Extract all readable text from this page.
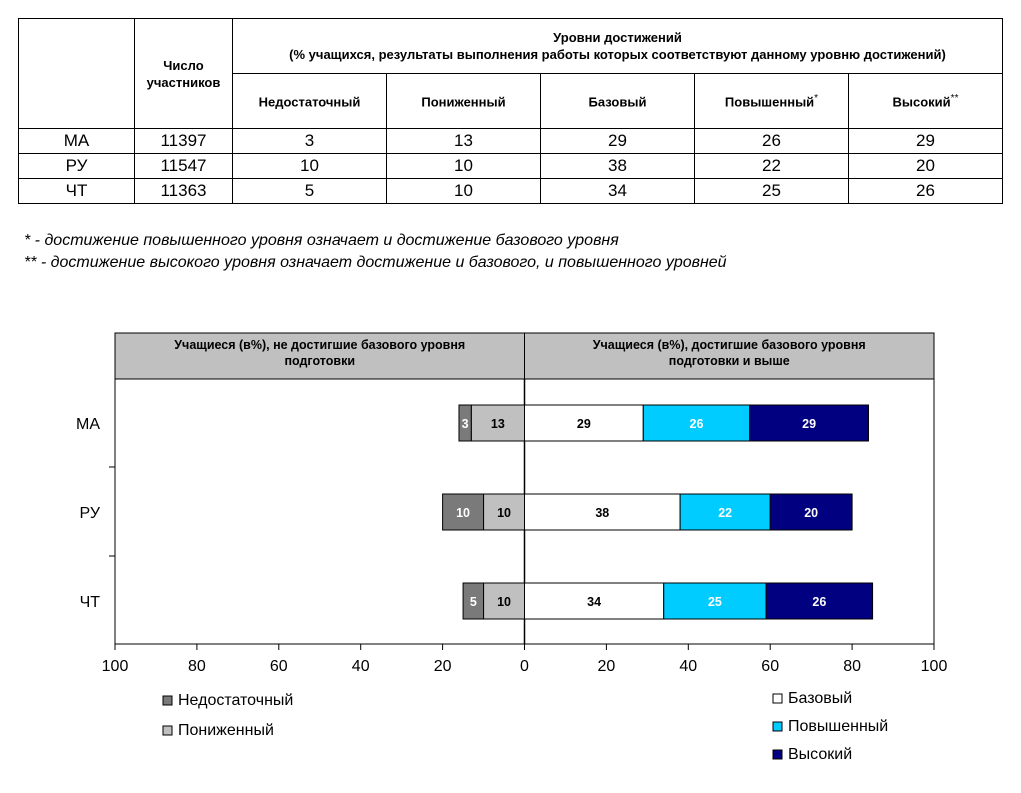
	Число участников	Уровни достижений
(% учащихся, результаты выполнения работы которых соответствуют данному уровню достижений)				

		Недостаточный	Пониженный	Базовый	Повышенный*	Высокий**
МА	11397	3	13	29	26	29
РУ	11547	10	10	38	22	20
ЧТ	11363	5	10	34	25	26
* - достижение повышенного уровня означает и достижение базового уровня
** - достижение высокого уровня означает достижение и базового, и повышенного уровней
Учащиеся (в%), не достигшие базового уровня
подготовки
Учащиеся (в%), достигшие базового уровня
подготовки и выше
100	80	60	40	20	0	20	40	60	80	100
МА	13
3	29	26	29
РУ	10
10	38	22	20
ЧТ	10
5	34	25	26
Недостаточный
Пониженный
Базовый
Повышенный
Высокий
